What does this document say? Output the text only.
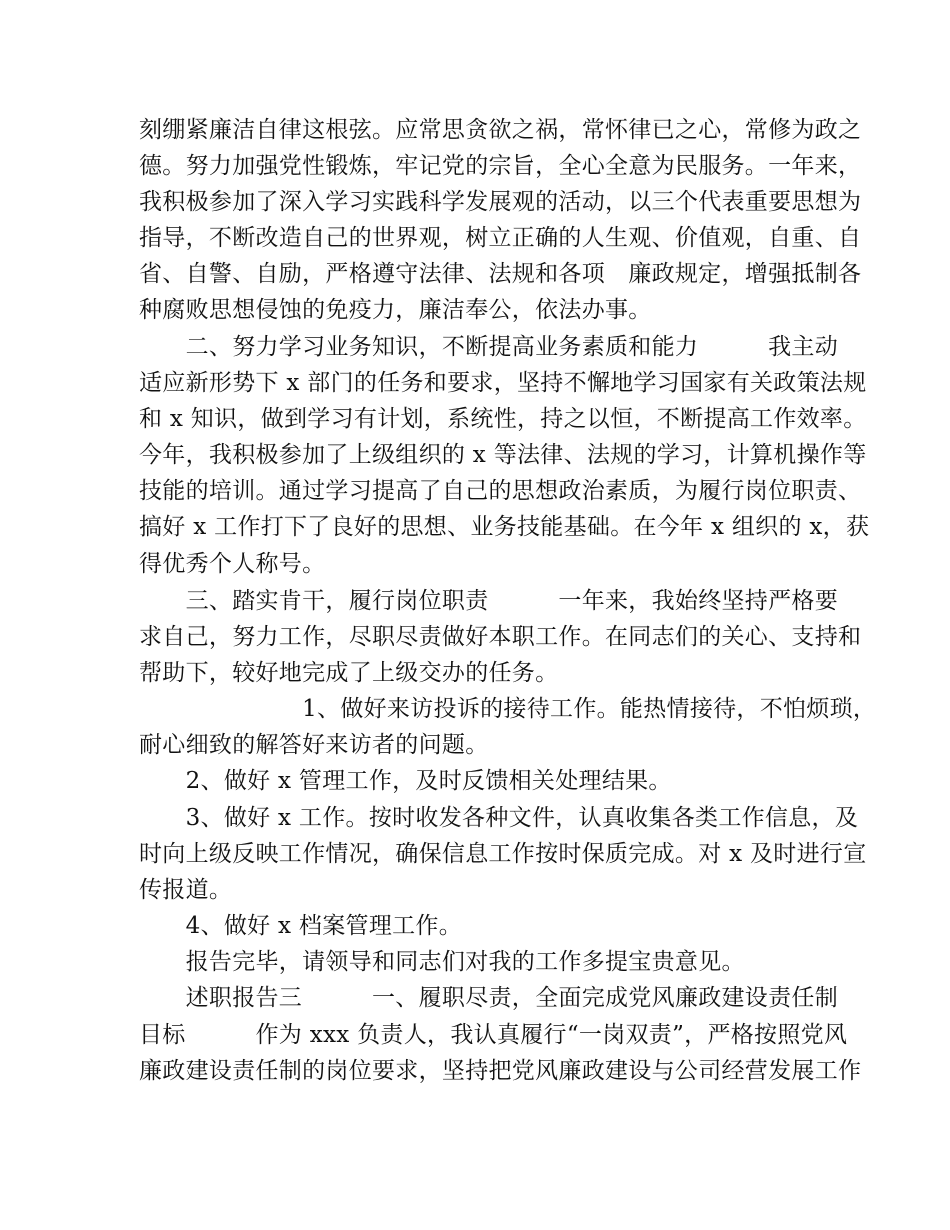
刻绷紧廉洁自律这根弦。应常思贪欲之祸，常怀律已之心，常修为政之
德。努力加强党性锻炼，牢记党的宗旨，全心全意为民服务。一年来，
我积极参加了深入学习实践科学发展观的活动，以三个代表重要思想为
指导，不断改造自己的世界观，树立正确的人生观、价值观，自重、自
省、自警、自励，严格遵守法律、法规和各项　廉政规定，增强抵制各
种腐败思想侵蚀的免疫力，廉洁奉公，依法办事。
　　二、努力学习业务知识，不断提高业务素质和能力　　　我主动
适应新形势下 x 部门的任务和要求，坚持不懈地学习国家有关政策法规
和 x 知识，做到学习有计划，系统性，持之以恒，不断提高工作效率。
今年，我积极参加了上级组织的 x 等法律、法规的学习，计算机操作等
技能的培训。通过学习提高了自己的思想政治素质，为履行岗位职责、
搞好 x 工作打下了良好的思想、业务技能基础。在今年 x 组织的 x，获
得优秀个人称号。
　　三、踏实肯干，履行岗位职责　　　一年来，我始终坚持严格要
求自己，努力工作，尽职尽责做好本职工作。在同志们的关心、支持和
帮助下，较好地完成了上级交办的任务。
　　　　　　　1、做好来访投诉的接待工作。能热情接待，不怕烦琐，
耐心细致的解答好来访者的问题。
　　2、做好 x 管理工作，及时反馈相关处理结果。
　　3、做好 x 工作。按时收发各种文件，认真收集各类工作信息，及
时向上级反映工作情况，确保信息工作按时保质完成。对 x 及时进行宣
传报道。
　　4、做好 x 档案管理工作。
　　报告完毕，请领导和同志们对我的工作多提宝贵意见。
　　述职报告三　　　一、履职尽责，全面完成党风廉政建设责任制
目标　　　作为 xxx 负责人，我认真履行“一岗双责”，严格按照党风
廉政建设责任制的岗位要求，坚持把党风廉政建设与公司经营发展工作
